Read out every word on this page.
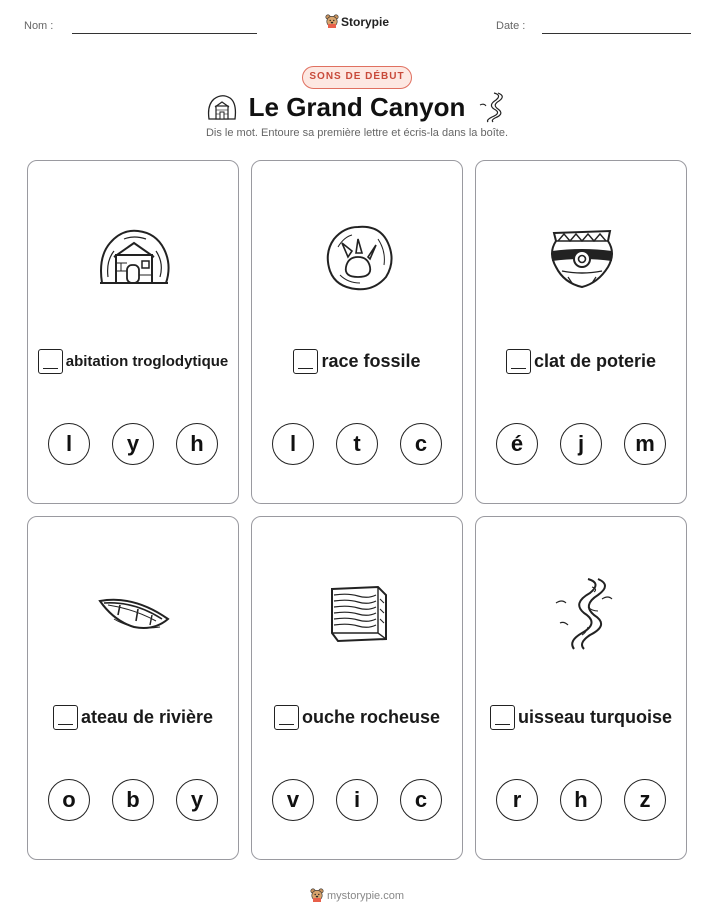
Nom :	Storypie	Date :
SONS DE DÉBUT
Le Grand Canyon
Dis le mot. Entoure sa première lettre et écris-la dans la boîte.
abitation troglodytique
l	y	h
race fossile
l	t	c
clat de poterie
é	j	m
ateau de rivière
o	b	y
ouche rocheuse
v	i	c
uisseau turquoise
r	h	z
mystorypie.com
